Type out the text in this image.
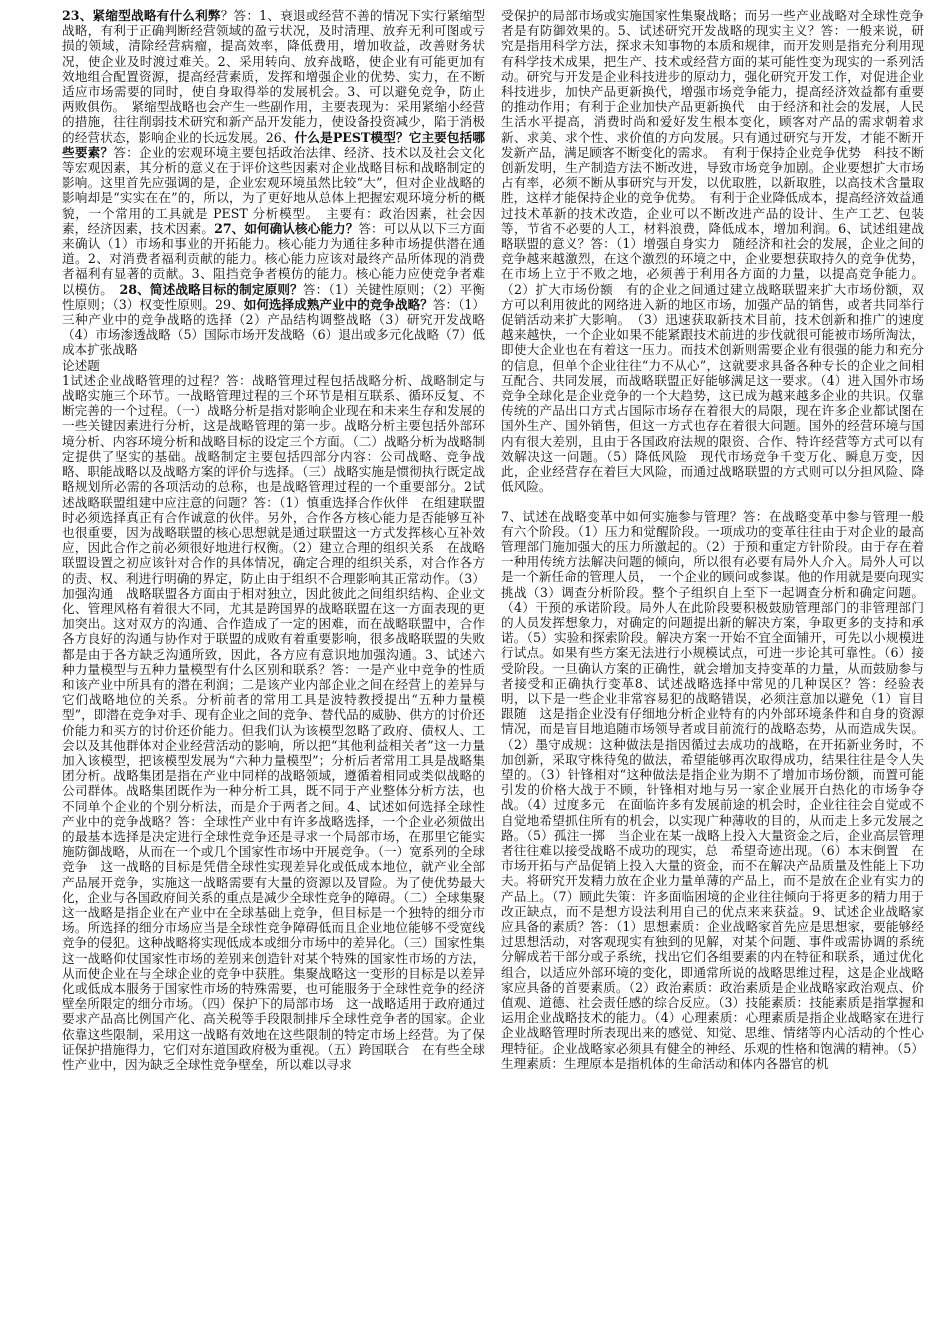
23、紧缩型战略有什么利弊？答：1、衰退或经营不善的情况下实行紧缩型战略，有利于正确判断经营领域的盈亏状况，及时清理、放弃无利可图或亏损的领域，清除经营病瘤，提高效率，降低费用，增加收益，改善财务状况，使企业及时渡过难关。2、采用转向、放弃战略，使企业有可能更加有效地组合配置资源，提高经营素质，发挥和增强企业的优势、实力，在不断适应市场需要的同时，使自身取得举的发展机会。3、可以避免竞争，防止两败俱伤。　紧缩型战略也会产生一些副作用，主要表现为：采用紧缩小经营的措施，往往削弱技术研究和新产品开发能力，使设备投资减少，陷于消极的经营状态，影响企业的长远发展。26、什么是PEST模型？它主要包括哪些要素？答：企业的宏观环境主要包括政治法律、经济、技术以及社会文化等宏观因素，其分析的意义在于评价这些因素对企业战略目标和战略制定的影响。这里首先应强调的是，企业宏观环境虽然比较“大”，但对企业战略的影响却是“实实在在”的，所以，为了更好地从总体上把握宏观环境分析的概貌，一个常用的工具就是 PEST 分析模型。　主要有：政治因素，社会因素，经济因素，技术因素。27、如何确认核心能力？答：可以从以下三方面来确认（1）市场和事业的开拓能力。核心能力为通往多种市场提供潜在通道。2、对消费者福利贡献的能力。核心能力应该对最终产品所体现的消费者福利有显著的贡献。3、阻挡竞争者模仿的能力。核心能力应使竞争者难以模仿。　28、简述战略目标的制定原则？答：（1）关键性原则；（2）平衡性原则；（3）权变性原则。29、如何选择成熟产业中的竞争战略？答：（1）三种产业中的竞争战略的选择（2）产品结构调整战略（3）研究开发战略（4）市场渗透战略（5）国际市场开发战略（6）退出或多元化战略（7）低成本扩张战略

论述题

1试述企业战略管理的过程？答：战略管理过程包括战略分析、战略制定与战略实施三个环节。一战略管理过程的三个环节是相互联系、循环反复、不断完善的一个过程。（一）战略分析是指对影响企业现在和未来生存和发展的一些关键因素进行分析，这是战略管理的第一步。战略分析主要包括外部环境分析、内容环境分析和战略目标的设定三个方面。（二）战略分析为战略制定提供了坚实的基础。战略制定主要包括四部分内容：公司战略、竞争战略、职能战略以及战略方案的评价与选择。（三）战略实施是惯彻执行既定战略规划所必需的各项活动的总称，也是战略管理过程的一个重要部分。2试述战略联盟组建中应注意的问题？答：（1）慎重选择合作伙伴　在组建联盟时必须选择真正有合作诚意的伙伴。另外，合作各方核心能力是否能够互补也很重要，因为战略联盟的核心思想就是通过联盟这一方式发挥核心互补效应，因此合作之前必须很好地进行权衡。（2）建立合理的组织关系　在战略联盟设置之初应该针对合作的具体情况，确定合理的组织关系，对合作各方的责、权、利进行明确的界定，防止由于组织不合理影响其正常动作。（3）加强沟通　战略联盟各方面由于相对独立，因此彼此之间组织结构、企业文化、管理风格有着很大不同，尤其是跨国界的战略联盟在这一方面表现的更加突出。这对双方的沟通、合作造成了一定的困难，而在战略联盟中，合作各方良好的沟通与协作对于联盟的成败有着重要影响，很多战略联盟的失败都是由于各方缺乏沟通所致，因此，各方应有意识地加强沟通。3、试述六种力量模型与五种力量模型有什么区别和联系？答：一是产业中竞争的性质和该产业中所具有的潜在利润；二是该产业内部企业之间在经营上的差异与它们战略地位的关系。分析前者的常用工具是波特教授提出“五种力量模型”，即潜在竞争对手、现有企业之间的竞争、替代品的威胁、供方的讨价还价能力和买方的讨价还价能力。但我们认为该模型忽略了政府、债权人、工会以及其他群体对企业经营活动的影响，所以把“其他利益相关者”这一力量加入该模型，把该模型发展为“六种力量模型”；分析后者常用工具是战略集团分析。战略集团是指在产业中同样的战略领域，遵循着相同或类似战略的公司群体。战略集团既作为一种分析工具，既不同于产业整体分析方法，也不同单个企业的个别分析法，而是介于两者之间。4、试述如何选择全球性产业中的竞争战略？答：全球性产业中有许多战略选择，一个企业必须做出的最基本选择是决定进行全球性竞争还是寻求一个局部市场，在那里它能实施防御战略，从而在一个或几个国家性市场中开展竞争。（一）宽系列的全球竞争　这一战略的目标是凭借全球性实现差异化或低成本地位，就产业全部产品展开竞争，实施这一战略需要有大量的资源以及冒险。为了使优势最大化，企业与各国政府间关系的重点是减少全球性竞争的障碍。（二）全球集聚　这一战略是指企业在产业中在全球基础上竞争，但目标是一个独特的细分市场。所选择的细分市场应当是全球性竞争障碍低而且企业地位能够不受宽线竞争的侵犯。这种战略将实现低成本或细分市场中的差异化。（三）国家性集　这一战略仰仗国家性市场的差别来创造针对某个特殊的国家性市场的方法，从而使企业在与全球企业的竞争中获胜。集聚战略这一变形的目标是以差异化或低成本服务于国家性市场的特殊需要，也可能服务于全球性竞争的经济壁垒所限定的细分市场。（四）保护下的局部市场　这一战略适用于政府通过要求产品高比例国产化、高关税等手段限制排斥全球性竞争者的国家。企业依靠这些限制，采用这一战略有效地在这些限制的特定市场上经营。为了保证保护措施得力，它们对东道国政府极为重视。（五）跨国联合　在有些全球性产业中，因为缺乏全球性竞争壁垒，所以难以寻求

受保护的局部市场或实施国家性集聚战略；而另一些产业战略对全球性竞争者是有防御效果的。5、试述研究开发战略的现实主义？答：一般来说，研究是指用科学方法，探求未知事物的本质和规律，而开发则是指充分利用现有科学技术成果，把生产、技术或经营方面的某可能性变为现实的一系列活动。研究与开发是企业科技进步的原动力，强化研究开发工作，对促进企业科技进步，加快产品更新换代，增强市场竞争能力，提高经济效益都有重要的推动作用；有利于企业加快产品更新换代　由于经济和社会的发展，人民生活水平提高，消费时尚和爱好发生根本变化，顾客对产品的需求朝着求新、求美、求个性、求价值的方向发展。只有通过研究与开发，才能不断开发新产品，满足顾客不断变化的需求。　有利于保持企业竞争优势　科技不断创新发明，生产制造方法不断改进，导致市场竞争加剧。企业要想扩大市场占有率，必须不断从事研究与开发，以优取胜，以新取胜，以高技术含量取胜，这样才能保持企业的竞争优势。　有利于企业降低成本，提高经济效益通过技术革新的技术改造，企业可以不断改进产品的设计、生产工艺、包装等，节省不必要的人工，材料浪费，降低成本，增加利润。6、试述组建战略联盟的意义？答：（1）增强自身实力　随经济和社会的发展，企业之间的竞争越来越激烈，在这个激烈的环境之中，企业要想获取持久的竞争优势，在市场上立于不败之地，必须善于利用各方面的力量，以提高竞争能力。（2）扩大市场份额　有的企业之间通过建立战略联盟来扩大市场份额，双方可以利用彼此的网络进入新的地区市场，加强产品的销售，或者共同举行促销活动来扩大影响。　（3）迅速获取新技术目前，技术创新和推广的速度越来越快，一个企业如果不能紧跟技术前进的步伐就很可能被市场所淘汰，即使大企业也在有着这一压力。而技术创新则需要企业有很强的能力和充分的信息，但单个企业往往“力不从心”，这就要求具备各种专长的企业之间相互配合、共同发展，而战略联盟正好能够满足这一要求。（4）进入国外市场　竞争全球化是企业竞争的一个大趋势，这已成为越来越多企业的共识。仅靠传统的产品出口方式占国际市场存在着很大的局限，现在许多企业都试图在国外生产、国外销售，但这一方式也存在着很大问题。国外的经营环境与国内有很大差别，且由于各国政府法规的限资、合作、特许经营等方式可以有效解决这一问题。（5）降低风险　现代市场竞争千变万化、瞬息万变，因此，企业经营存在着巨大风险，而通过战略联盟的方式则可以分担风险、降低风险。

7、试述在战略变革中如何实施参与管理？答：在战略变革中参与管理一般有六个阶段。（1）压力和觉醒阶段。一项成功的变革往往由于对企业的最高管理部门施加强大的压力所激起的。（2）于预和重定方针阶段。由于存在着一种用传统方法解决问题的倾向，所以很有必要有局外人介入。局外人可以是一个新任命的管理人员，　一个企业的顾问或参谋。他的作用就是要向现实挑战（3）调查分析阶段。整个子组织自上至下一起调查分析和确定问题。（4）干预的承诺阶段。局外人在此阶段要积极鼓励管理部门的非管理部门的人员发挥想象力，对确定的问题提出新的解决方案，争取更多的支持和承诺。（5）实验和探索阶段。解决方案一开始不宜全面铺开，可先以小规模进行试点。如果有些方案无法进行小规模试点，可进一步论其可靠性。（6）接受阶段。一旦确认方案的正确性，就会增加支持变革的力量，从而鼓励参与者接受和正确执行变革8、试述战略选择中常见的几种误区？答：经验表明，以下是一些企业非常容易犯的战略错误，必须注意加以避免（1）盲目跟随　这是指企业没有仔细地分析企业特有的内外部环境条件和自身的资源情况，而是盲目地追随市场领导者或目前流行的战略态势，从而造成失误。（2）墨守成规：这种做法是指因循过去成功的战略，在开拓新业务时，不加创新，采取守株待兔的做法，希望能够再次取得成功，结果往往是令人失望的。（3）针锋相对“这种做法是指企业为期不了增加市场份额，而置可能引发的价格大战于不顾，针锋相对地与另一家企业展开白热化的市场争夺战。（4）过度多元　在面临许多有发展前途的机会时，企业往往会自觉或不自觉地希望抓住所有的机会，以实现广种薄收的目的，从而走上多元发展之路。（5）孤注一掷　当企业在某一战略上投入大量资金之后，企业高层管理者往往难以接受战略不成功的现实，总　希望奇迹出现。（6）本末倒置　在市场开拓与产品促销上投入大量的资金，而不在解决产品质量及性能上下功夫。将研究开发精力放在企业力量单薄的产品上，而不是放在企业有实力的产品上。（7）顾此失策：许多面临困境的企业往往倾向于将更多的精力用于改正缺点，而不是想方设法利用自己的优点来来获益。9、试述企业战略家应具备的素质？答：（1）思想素质：企业战略家首先应是思想家，要能够经过思想活动，对客观现实有独到的见解，对某个问题、事件或需协调的系统分解成若干部分或子系统，找出它们各组要素的内在特征和联系，通过优化组合，以适应外部环境的变化，即通常所说的战略思维过程，这是企业战略家应具备的首要素质。（2）政治素质：政治素质是企业战略家政治观点、价值观、道德、社会责任感的综合反应。（3）技能素质：技能素质是指掌握和运用企业战略技术的能力。（4）心理素质：心理素质是指企业战略家在进行企业战略管理时所表现出来的感觉、知觉、思维、情绪等内心活动的个性心理特征。企业战略家必须具有健全的神经、乐观的性格和饱满的精神。（5）生理素质：生理原本是指机体的生命活动和体内各器官的机
